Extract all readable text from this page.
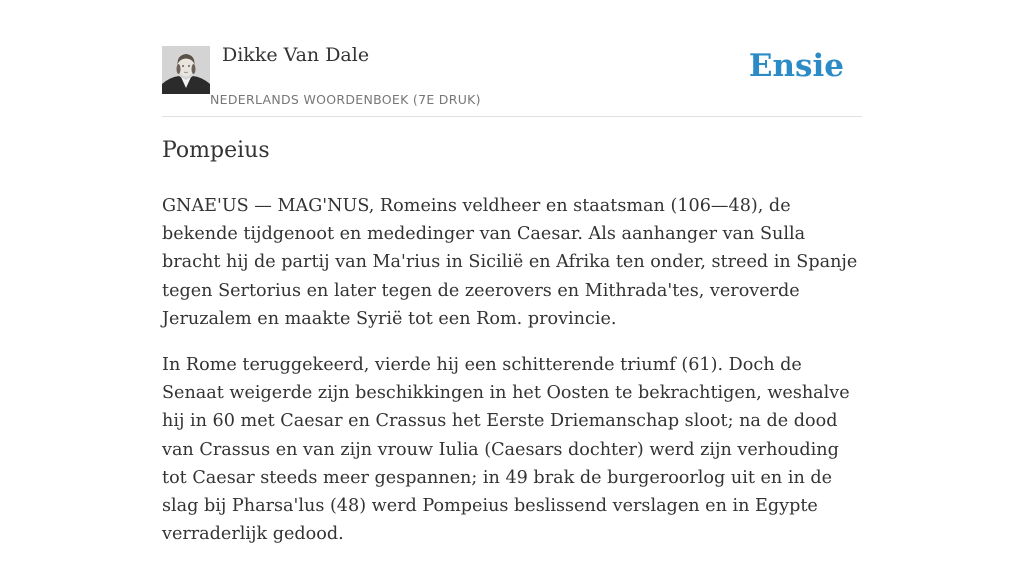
Dikke Van Dale
NEDERLANDS WOORDENBOEK (7E DRUK)
Ensie
Pompeius

GNAE'US — MAG'NUS, Romeins veldheer en staatsman (106—48), de bekende tijdgenoot en mededinger van Caesar. Als aanhanger van Sulla bracht hij de partij van Ma'rius in Sicilië en Afrika ten onder, streed in Spanje tegen Sertorius en later tegen de zeerovers en Mithrada'tes, veroverde Jeruzalem en maakte Syrië tot een Rom. provincie.

In Rome teruggekeerd, vierde hij een schitterende triumf (61). Doch de Senaat weigerde zijn beschikkingen in het Oosten te bekrachtigen, weshalve hij in 60 met Caesar en Crassus het Eerste Driemanschap sloot; na de dood van Crassus en van zijn vrouw Iulia (Caesars dochter) werd zijn verhouding tot Caesar steeds meer gespannen; in 49 brak de burgeroorlog uit en in de slag bij Pharsa'lus (48) werd Pompeius beslissend verslagen en in Egypte verraderlijk gedood.
